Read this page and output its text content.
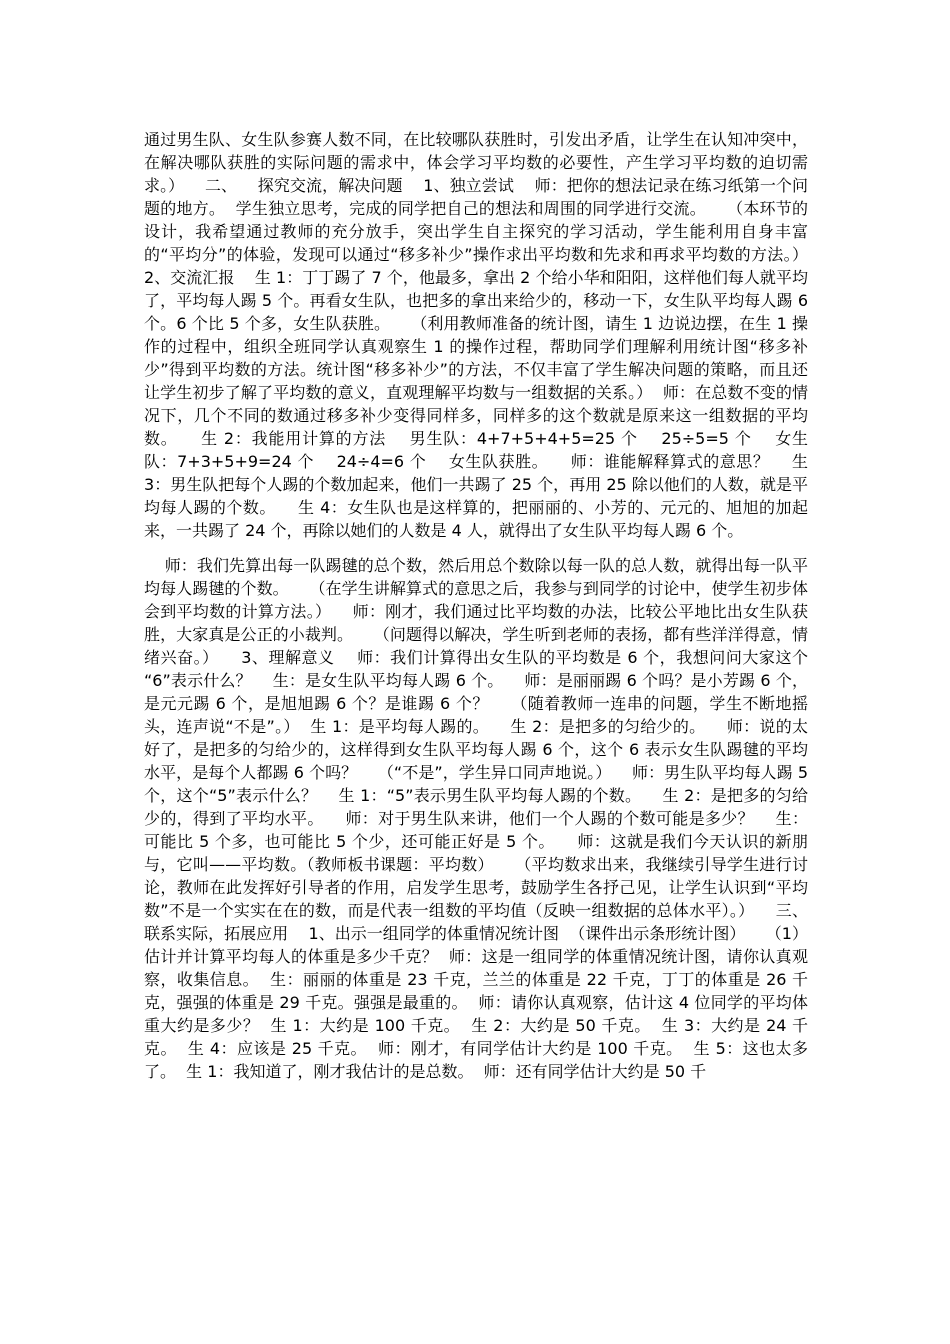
通过男生队、女生队参赛人数不同，在比较哪队获胜时，引发出矛盾，让学生在认知冲突中，在解决哪队获胜的实际问题的需求中，体会学习平均数的必要性，产生学习平均数的迫切需求。）    二、    探究交流，解决问题    1、独立尝试    师：把你的想法记录在练习纸第一个问题的地方。  学生独立思考，完成的同学把自己的想法和周围的同学进行交流。    （本环节的设计，我希望通过教师的充分放手，突出学生自主探究的学习活动，学生能利用自身丰富的“平均分”的体验，发现可以通过“移多补少”操作求出平均数和先求和再求平均数的方法。）    2、交流汇报    生 1：丁丁踢了 7 个，他最多，拿出 2 个给小华和阳阳，这样他们每人就平均了，平均每人踢 5 个。再看女生队，也把多的拿出来给少的，移动一下，女生队平均每人踢 6 个。6 个比 5 个多，女生队获胜。    （利用教师准备的统计图，请生 1 边说边摆，在生 1 操作的过程中，组织全班同学认真观察生 1 的操作过程，帮助同学们理解利用统计图“移多补少”得到平均数的方法。统计图“移多补少”的方法，不仅丰富了学生解决问题的策略，而且还让学生初步了解了平均数的意义，直观理解平均数与一组数据的关系。）  师：在总数不变的情况下，几个不同的数通过移多补少变得同样多，同样多的这个数就是原来这一组数据的平均数。    生 2：我能用计算的方法    男生队：4+7+5+4+5=25 个    25÷5=5 个    女生队：7+3+5+9=24 个    24÷4=6 个    女生队获胜。    师：谁能解释算式的意思？    生 3：男生队把每个人踢的个数加起来，他们一共踢了 25 个，再用 25 除以他们的人数，就是平均每人踢的个数。    生 4：女生队也是这样算的，把丽丽的、小芳的、元元的、旭旭的加起来，一共踢了 24 个，再除以她们的人数是 4 人，就得出了女生队平均每人踢 6 个。

师：我们先算出每一队踢毽的总个数，然后用总个数除以每一队的总人数，就得出每一队平均每人踢毽的个数。    （在学生讲解算式的意思之后，我参与到同学的讨论中，使学生初步体会到平均数的计算方法。）    师：刚才，我们通过比平均数的办法，比较公平地比出女生队获胜，大家真是公正的小裁判。    （问题得以解决，学生听到老师的表扬，都有些洋洋得意，情绪兴奋。）    3、理解意义    师：我们计算得出女生队的平均数是 6 个，我想问问大家这个 “6”表示什么？    生：是女生队平均每人踢 6 个。    师：是丽丽踢 6 个吗？是小芳踢 6 个，是元元踢 6 个，是旭旭踢 6 个？是谁踢 6 个？    （随着教师一连串的问题，学生不断地摇头，连声说“不是”。）  生 1：是平均每人踢的。    生 2：是把多的匀给少的。    师：说的太好了，是把多的匀给少的，这样得到女生队平均每人踢 6 个，这个 6 表示女生队踢毽的平均水平，是每个人都踢 6 个吗？    （“不是”，学生异口同声地说。）    师：男生队平均每人踢 5 个，这个“5”表示什么？    生 1：“5”表示男生队平均每人踢的个数。    生 2：是把多的匀给少的，得到了平均水平。    师：对于男生队来讲，他们一个人踢的个数可能是多少？    生：可能比 5 个多，也可能比 5 个少，还可能正好是 5 个。    师：这就是我们今天认识的新朋与，它叫——平均数。（教师板书课题：平均数）    （平均数求出来，我继续引导学生进行讨论，教师在此发挥好引导者的作用，启发学生思考，鼓励学生各抒己见，让学生认识到“平均数”不是一个实实在在的数，而是代表一组数的平均值（反映一组数据的总体水平）。）    三、    联系实际，拓展应用    1、出示一组同学的体重情况统计图  （课件出示条形统计图）    （1）估计并计算平均每人的体重是多少千克？  师：这是一组同学的体重情况统计图，请你认真观察，收集信息。  生：丽丽的体重是 23 千克，兰兰的体重是 22 千克，丁丁的体重是 26 千克，强强的体重是 29 千克。强强是最重的。  师：请你认真观察，估计这 4 位同学的平均体重大约是多少？  生 1：大约是 100 千克。  生 2：大约是 50 千克。  生 3：大约是 24 千克。  生 4：应该是 25 千克。  师：刚才，有同学估计大约是 100 千克。  生 5：这也太多了。  生 1：我知道了，刚才我估计的是总数。  师：还有同学估计大约是 50 千
